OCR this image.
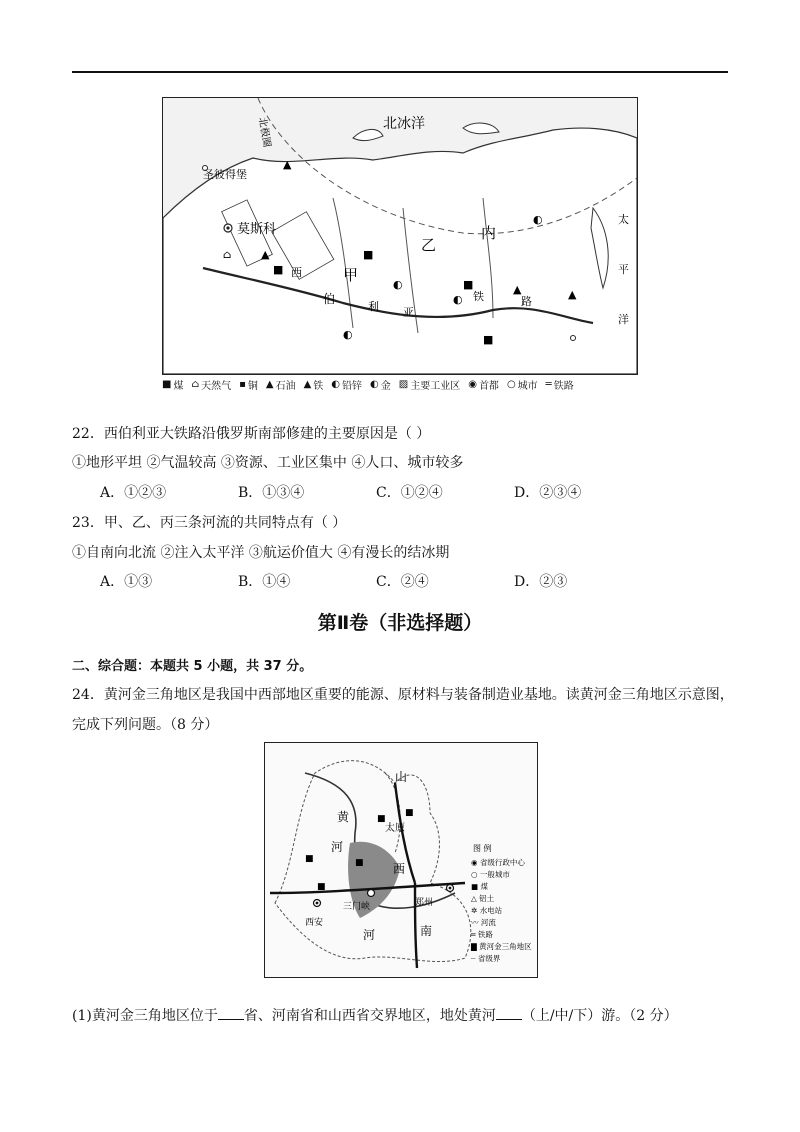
▲
⌂	▲
■
■
◐	■
◐
▲
◐
◐
▲
■
北冰洋
北极圈
圣彼得堡
莫斯科
乙
内
甲
西
伯
利 亚
铁	路
太
平
洋
■ 煤 ⌂ 天然气 ▪ 铜 ▲ 石油 ▲ 铁 ◐ 铅锌 ◐ 金 ▨ 主要工业区 ◉ 首都 ○ 城市 ═ 铁路
22．西伯利亚大铁路沿俄罗斯南部修建的主要原因是（ ）
①地形平坦 ②气温较高 ③资源、工业区集中 ④人口、城市较多
A．①②③	B．①③④	C．①②④	D．②③④
23．甲、乙、丙三条河流的共同特点有（ ）
①自南向北流 ②注入太平洋 ③航运价值大 ④有漫长的结冰期
A．①③	B．①④	C．②④	D．②③
第Ⅱ卷（非选择题）
二、综合题：本题共 5 小题，共 37 分。
24．黄河金三角地区是我国中西部地区重要的能源、原材料与装备制造业基地。读黄河金三角地区示意图，
完成下列问题。（8 分）
■
■
■
■
■
山
黄
太原
河
西
西安
三门峡
河	南
郑州
图 例
◉ 省级行政中心
○ 一般城市
■ 煤
△ 铝土
✲ 水电站
〰 河流
═ 铁路
▇ 黄河金三角地区
┈ 省级界
(1)黄河金三角地区位于 省、河南省和山西省交界地区，地处黄河 （上/中/下）游。（2 分）
